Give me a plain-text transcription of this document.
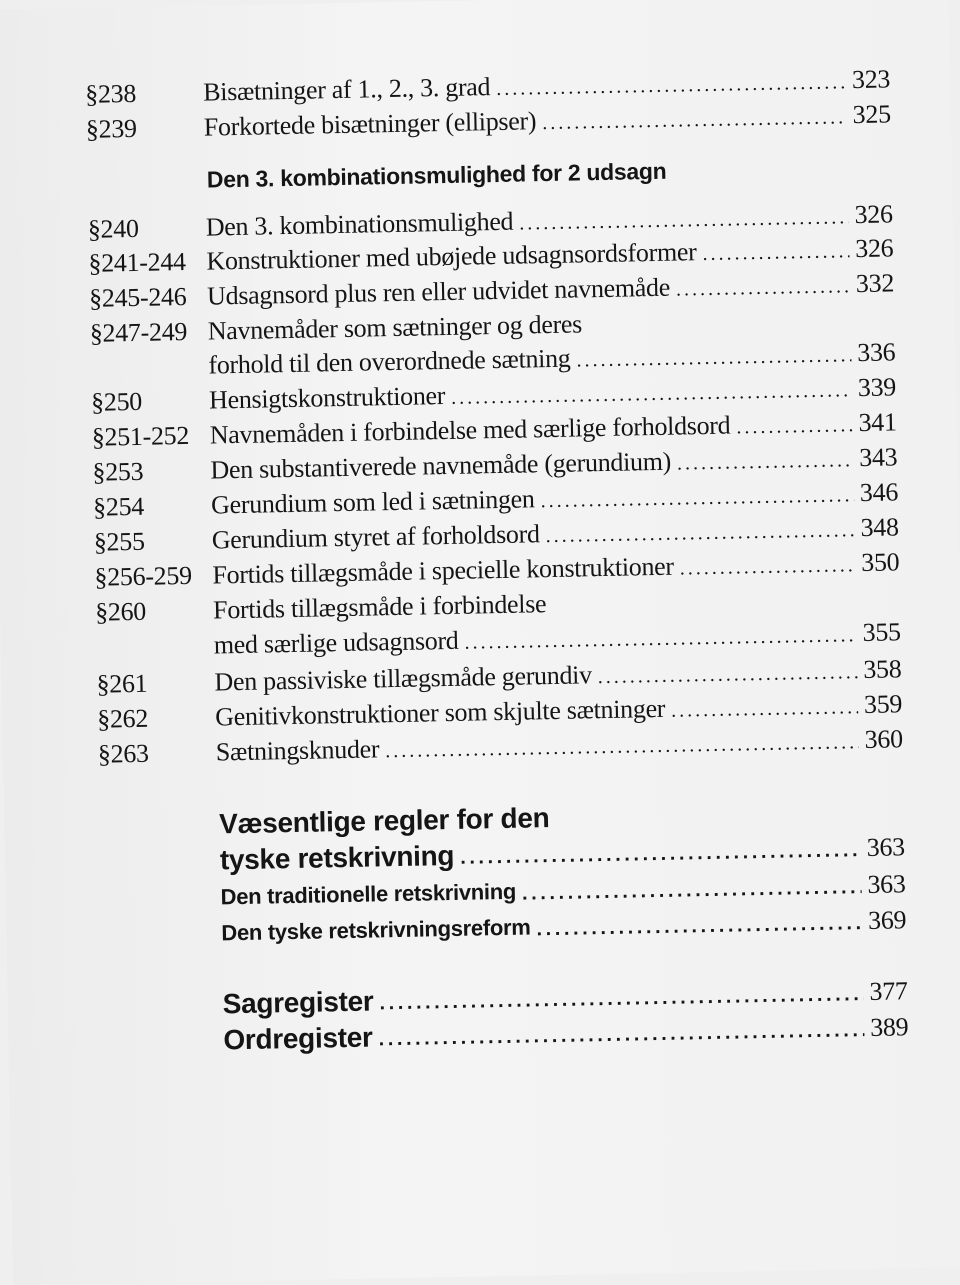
§238	Bisætninger af 1., 2., 3. grad . . .	323
§239	Forkortede bisætninger (ellipser) . . .	325
Den 3. kombinationsmulighed for 2 udsagn
§240	Den 3. kombinationsmulighed . . .	326
§241-244 Konstruktioner med ubøjede udsagnsordsformer . . .	326
§245-246 Udsagnsord plus ren eller udvidet navnemåde . . .	332
§247-249 Navnemåder som sætninger og deres
forhold til den overordnede sætning . . .	336
§250	Hensigtskonstruktioner . . .	339
§251-252 Navnemåden i forbindelse med særlige forholdsord . . .	341
§253	Den substantiverede navnemåde (gerundium) . . .	343
§254	Gerundium som led i sætningen . . .	346
§255	Gerundium styret af forholdsord . . .	348
§256-259 Fortids tillægsmåde i specielle konstruktioner . . .	350
§260	Fortids tillægsmåde i forbindelse
med særlige udsagnsord . . .	355
§261	Den passiviske tillægsmåde gerundiv . . .	358
§262	Genitivkonstruktioner som skjulte sætninger . . .	359
§263	Sætningsknuder . . .	360
Væsentlige regler for den
tyske retskrivning . . .	363
Den traditionelle retskrivning . . .	363
Den tyske retskrivningsreform . . .	369
Sagregister . . .	377
Ordregister . . .	389
